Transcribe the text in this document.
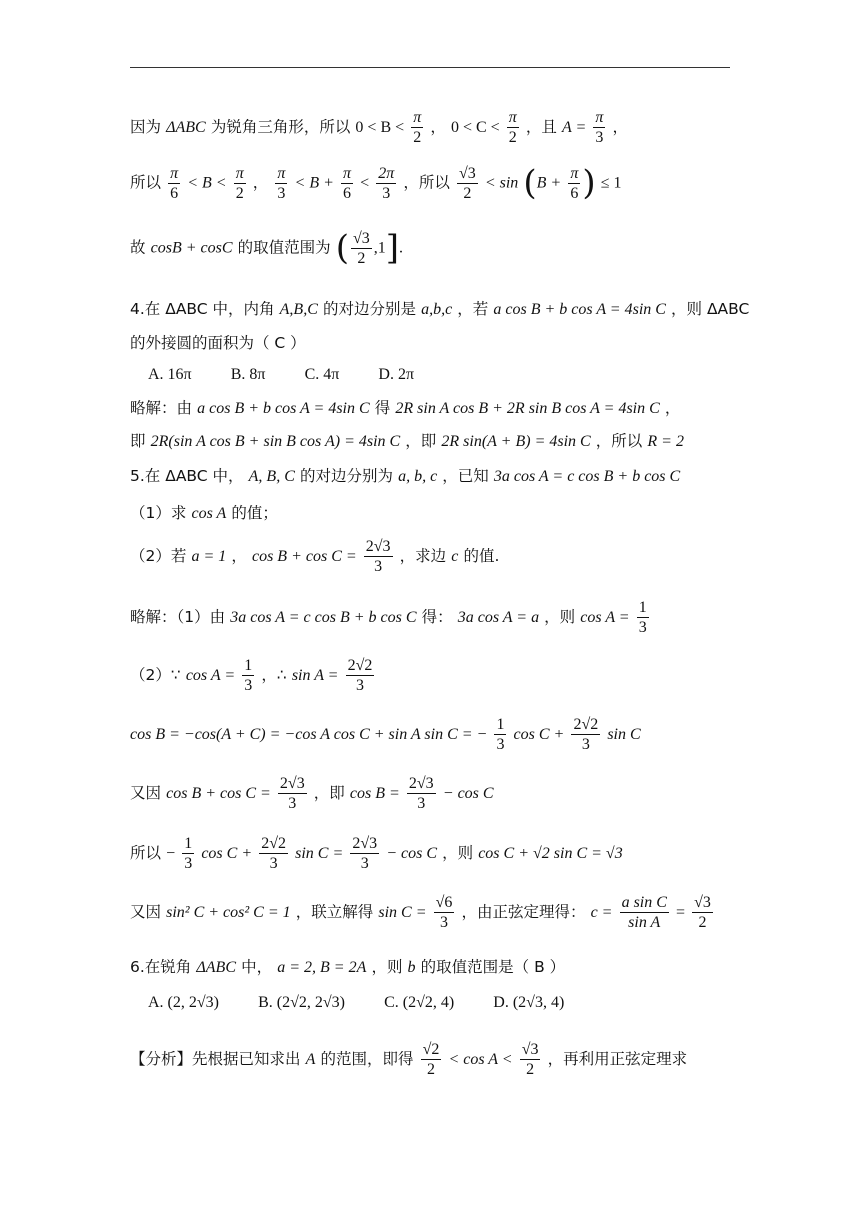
因为 ΔABC 为锐角三角形，所以 $0 < B < \frac{\pi}{2}$ ， $0 < C < \frac{\pi}{2}$ ，且 $A = \frac{\pi}{3}$ ，
所以 $\frac{\pi}{6} < B < \frac{\pi}{2}$ ， $\frac{\pi}{3} < B + \frac{\pi}{6} < \frac{2\pi}{3}$ ，所以 $\frac{√3}{2} < \sin (B + \frac{\pi}{6}$ ) ≤ 1
故 cosB + cosC 的取值范围为 ( $\frac{√3}{2} ,1$].
4.在 ΔABC 中，内角 A,B,C 的对边分别是 a,b,c ，若 a cos B + b cos A = 4sin C ，则 ΔABC
的外接圆的面积为（ C ）
A. 16π B. 8π C. 4π D. 2π
略解：由 a cos B + b cos A = 4sin C 得 2R sin A cos B + 2R sin B cos A = 4sin C ，
即 2R(sin A cos B + sin B cos A) = 4sin C ，即 2R sin(A + B) = 4sin C ，所以 R = 2
5.在 ΔABC 中， A, B, C 的对边分别为 a, b, c ，已知 3a cos A = c cos B + b cos C
（1）求 cos A 的值；
（2）若 a = 1 ， $\cos B + \cos C = \frac{2√3}{3}$ ，求边 c 的值.
略解：（1）由 3a cos A = c cos B + b cos C 得： 3a cos A = a ，则 $\cos A = \frac{1}{3}$
（2）∵ $\cos A = \frac{1}{3}$ ，∴ $\sin A = \frac{2√2}{3}$
cos B = −cos(A + C) = −cos A cos C + sin A sin C = − $\frac{1}{3}$ $\cos C + \frac{2√2}{3}$ sin C
又因 $\cos B + \cos C = \frac{2√3}{3}$ ，即 $\cos B = \frac{2√3}{3} - \cos C$
所以 − $\frac{1}{3}$ $\cos C + \frac{2√2}{3}$ $\sin C = \frac{2√3}{3} - \cos C$ ，则 cos C + √2 sin C = √3
又因 sin² C + cos² C = 1 ，联立解得 $\sin C = \frac{√6}{3}$ ，由正弦定理得： $c = \frac{\text{a sin C}}{\text{sin A}} = \frac{√3}{2}$
6.在锐角 ΔABC 中， a = 2, B = 2A ，则 b 的取值范围是（ B ）
A. (2, 2√3) B. (2√2, 2√3) C. (2√2, 4) D. (2√3, 4)
【分析】先根据已知求出 A 的范围，即得 $\frac{√2}{2} < \cos A < \frac{√3}{2}$ ，再利用正弦定理求
